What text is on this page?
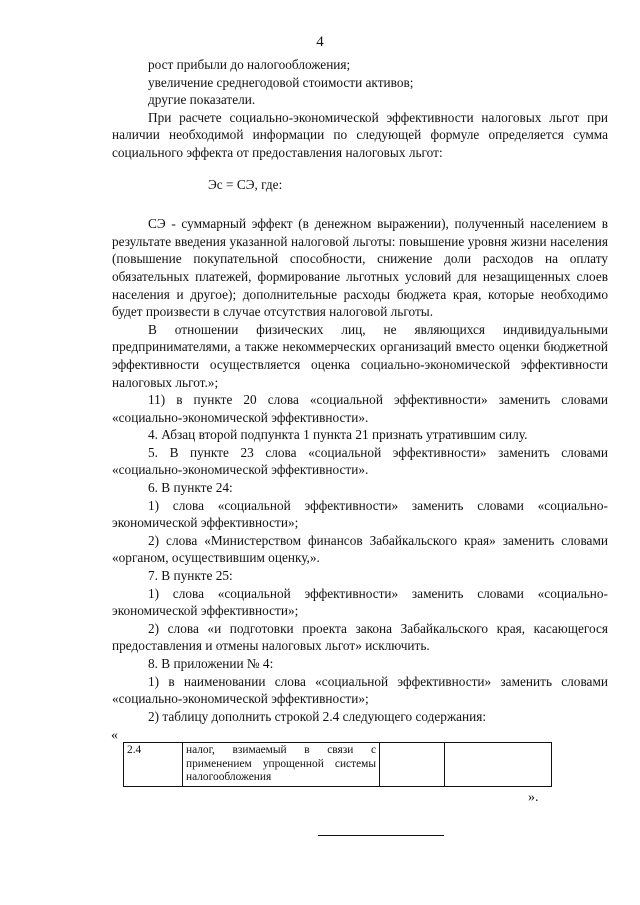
4

рост прибыли до налогообложения;

увеличение среднегодовой стоимости активов;

другие показатели.

При расчете социально-экономической эффективности налоговых льгот при наличии необходимой информации по следующей формуле определяется сумма социального эффекта от предоставления налоговых льгот:

Эс = СЭ, где:

СЭ - суммарный эффект (в денежном выражении), полученный населением в результате введения указанной налоговой льготы: повышение уровня жизни населения (повышение покупательной способности, снижение доли расходов на оплату обязательных платежей, формирование льготных условий для незащищенных слоев населения и другое); дополнительные расходы бюджета края, которые необходимо будет произвести в случае отсутствия налоговой льготы.

В отношении физических лиц, не являющихся индивидуальными предпринимателями, а также некоммерческих организаций вместо оценки бюджетной эффективности осуществляется оценка социально-экономической эффективности налоговых льгот.»;

11) в пункте 20 слова «социальной эффективности» заменить словами «социально-экономической эффективности».

4. Абзац второй подпункта 1 пункта 21 признать утратившим силу.

5. В пункте 23 слова «социальной эффективности» заменить словами «социально-экономической эффективности».

6. В пункте 24:

1) слова «социальной эффективности» заменить словами «социально-экономической эффективности»;

2) слова «Министерством финансов Забайкальского края» заменить словами «органом, осуществившим оценку,».

7. В пункте 25:

1) слова «социальной эффективности» заменить словами «социально-экономической эффективности»;

2) слова «и подготовки проекта закона Забайкальского края, касающегося предоставления и отмены налоговых льгот» исключить.

8. В приложении № 4:

1) в наименовании слова «социальной эффективности» заменить словами «социально-экономической эффективности»;

2) таблицу дополнить строкой 2.4 следующего содержания:

«
2.4	налог, взимаемый в связи с применением упрощенной системы налогообложения		
».
